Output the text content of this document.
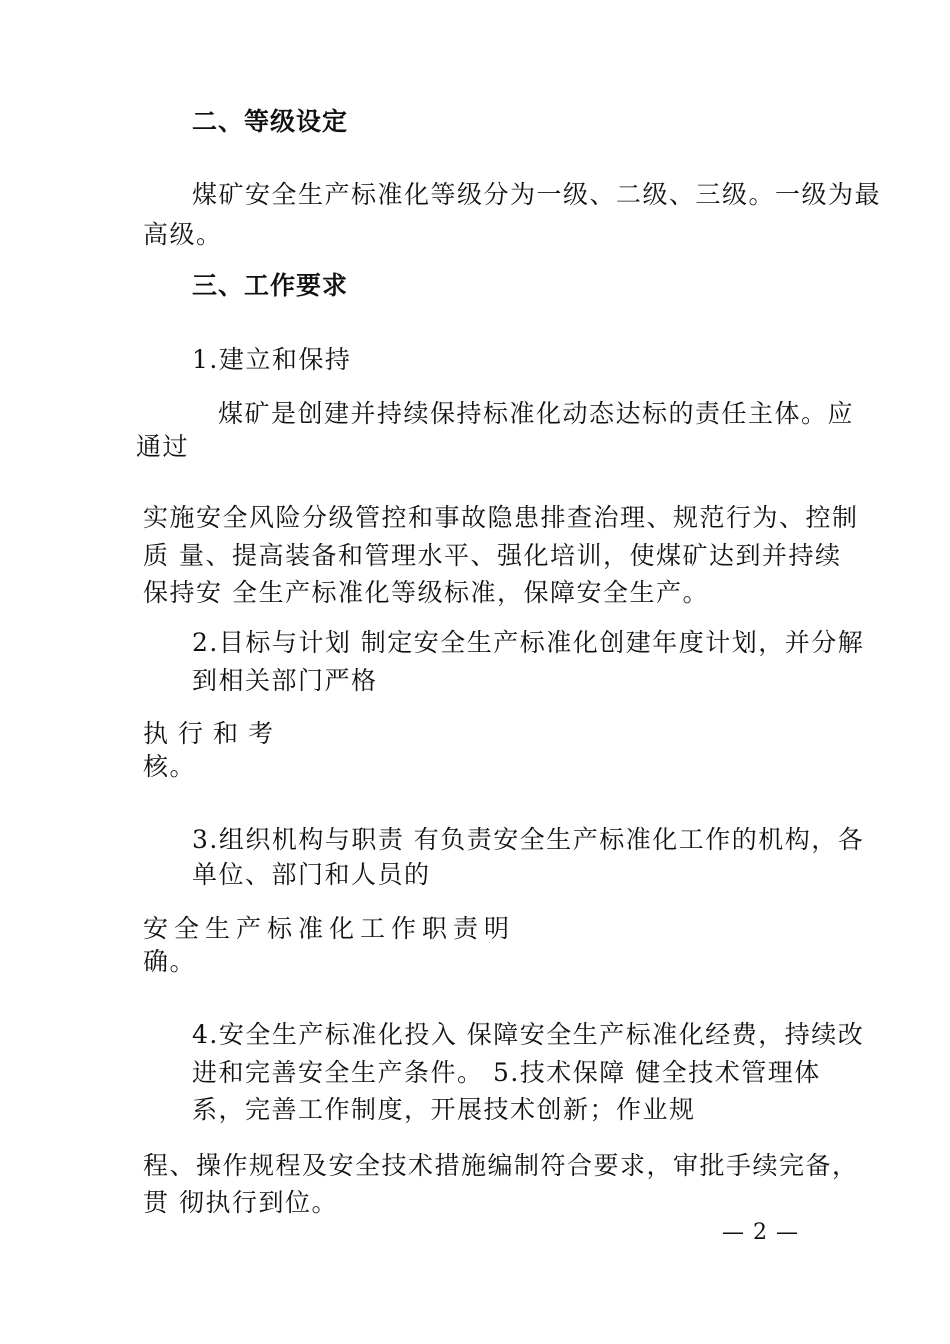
二、等级设定
煤矿安全生产标准化等级分为一级、二级、三级。一级为最
高级。
三、工作要求
1.建立和保持
煤矿是创建并持续保持标准化动态达标的责任主体。应
通过
实施安全风险分级管控和事故隐患排查治理、规范行为、控制
质 量、提高装备和管理水平、强化培训，使煤矿达到并持续
保持安 全生产标准化等级标准，保障安全生产。
2.目标与计划 制定安全生产标准化创建年度计划，并分解
到相关部门严格
执行和考
核。
3.组织机构与职责 有负责安全生产标准化工作的机构，各
单位、部门和人员的
安全生产标准化工作职责明
确。
4.安全生产标准化投入 保障安全生产标准化经费，持续改
进和完善安全生产条件。 5.技术保障 健全技术管理体
系，完善工作制度，开展技术创新；作业规
程、操作规程及安全技术措施编制符合要求，审批手续完备，
贯 彻执行到位。
— 2 —
